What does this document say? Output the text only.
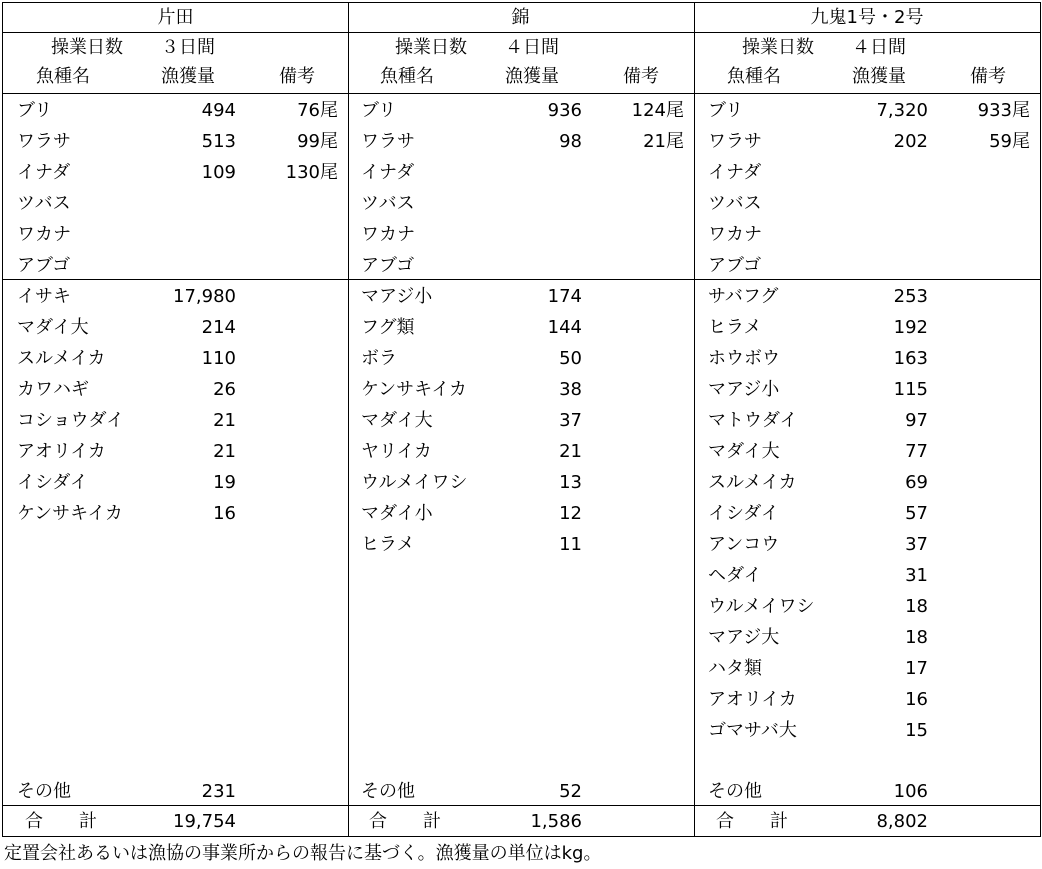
片田
操業日数 ３日間
魚種名	漁獲量	備考
ブリ	494	76尾
ワラサ	513	99尾
イナダ	109	130尾
ツバス
ワカナ
アブゴ
イサキ	17,980
マダイ大	214
スルメイカ	110
カワハギ	26
コショウダイ	21
アオリイカ	21
イシダイ	19
ケンサキイカ	16
その他	231
合　　計	19,754
錦
操業日数 ４日間
魚種名	漁獲量	備考
ブリ	936	124尾
ワラサ	98	21尾
イナダ
ツバス
ワカナ
アブゴ
マアジ小	174
フグ類	144
ボラ	50
ケンサキイカ	38
マダイ大	37
ヤリイカ	21
ウルメイワシ	13
マダイ小	12
ヒラメ	11
その他	52
合　　計	1,586
九鬼1号・2号
操業日数 ４日間
魚種名	漁獲量	備考
ブリ	7,320	933尾
ワラサ	202	59尾
イナダ
ツバス
ワカナ
アブゴ
サバフグ	253
ヒラメ	192
ホウボウ	163
マアジ小	115
マトウダイ	97
マダイ大	77
スルメイカ	69
イシダイ	57
アンコウ	37
ヘダイ	31
ウルメイワシ	18
マアジ大	18
ハタ類	17
アオリイカ	16
ゴマサバ大	15
その他	106
合　　計	8,802
定置会社あるいは漁協の事業所からの報告に基づく。漁獲量の単位はkg。
